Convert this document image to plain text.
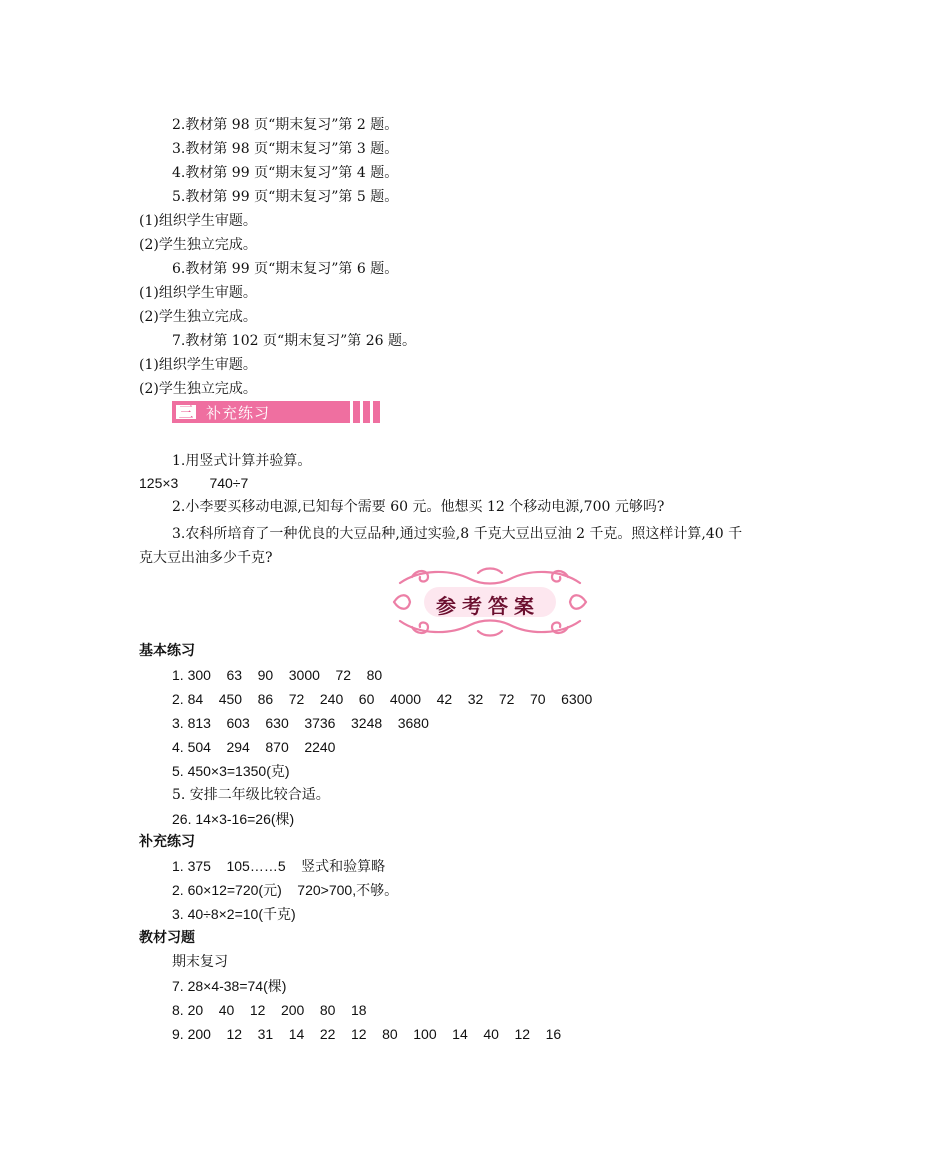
2.教材第 98 页“期末复习”第 2 题。
3.教材第 98 页“期末复习”第 3 题。
4.教材第 99 页“期末复习”第 4 题。
5.教材第 99 页“期末复习”第 5 题。
(1)组织学生审题。
(2)学生独立完成。
6.教材第 99 页“期末复习”第 6 题。
(1)组织学生审题。
(2)学生独立完成。
7.教材第 102 页“期末复习”第 26 题。
(1)组织学生审题。
(2)学生独立完成。
三 补充练习
1.用竖式计算并验算。
125×3        740÷7
2.小李要买移动电源,已知每个需要 60 元。他想买 12 个移动电源,700 元够吗?
3.农科所培育了一种优良的大豆品种,通过实验,8 千克大豆出豆油 2 千克。照这样计算,40 千
克大豆出油多少千克?
参考答案
基本练习
1. 300    63    90    3000    72    80
2. 84    450    86    72    240    60    4000    42    32    72    70    6300
3. 813    603    630    3736    3248    3680
4. 504    294    870    2240
5. 450×3=1350(克)
5. 安排二年级比较合适。
26. 14×3-16=26(棵)
补充练习
1. 375    105……5    竖式和验算略
2. 60×12=720(元)    720>700,不够。
3. 40÷8×2=10(千克)
教材习题
期末复习
7. 28×4-38=74(棵)
8. 20    40    12    200    80    18
9. 200    12    31    14    22    12    80    100    14    40    12    16
